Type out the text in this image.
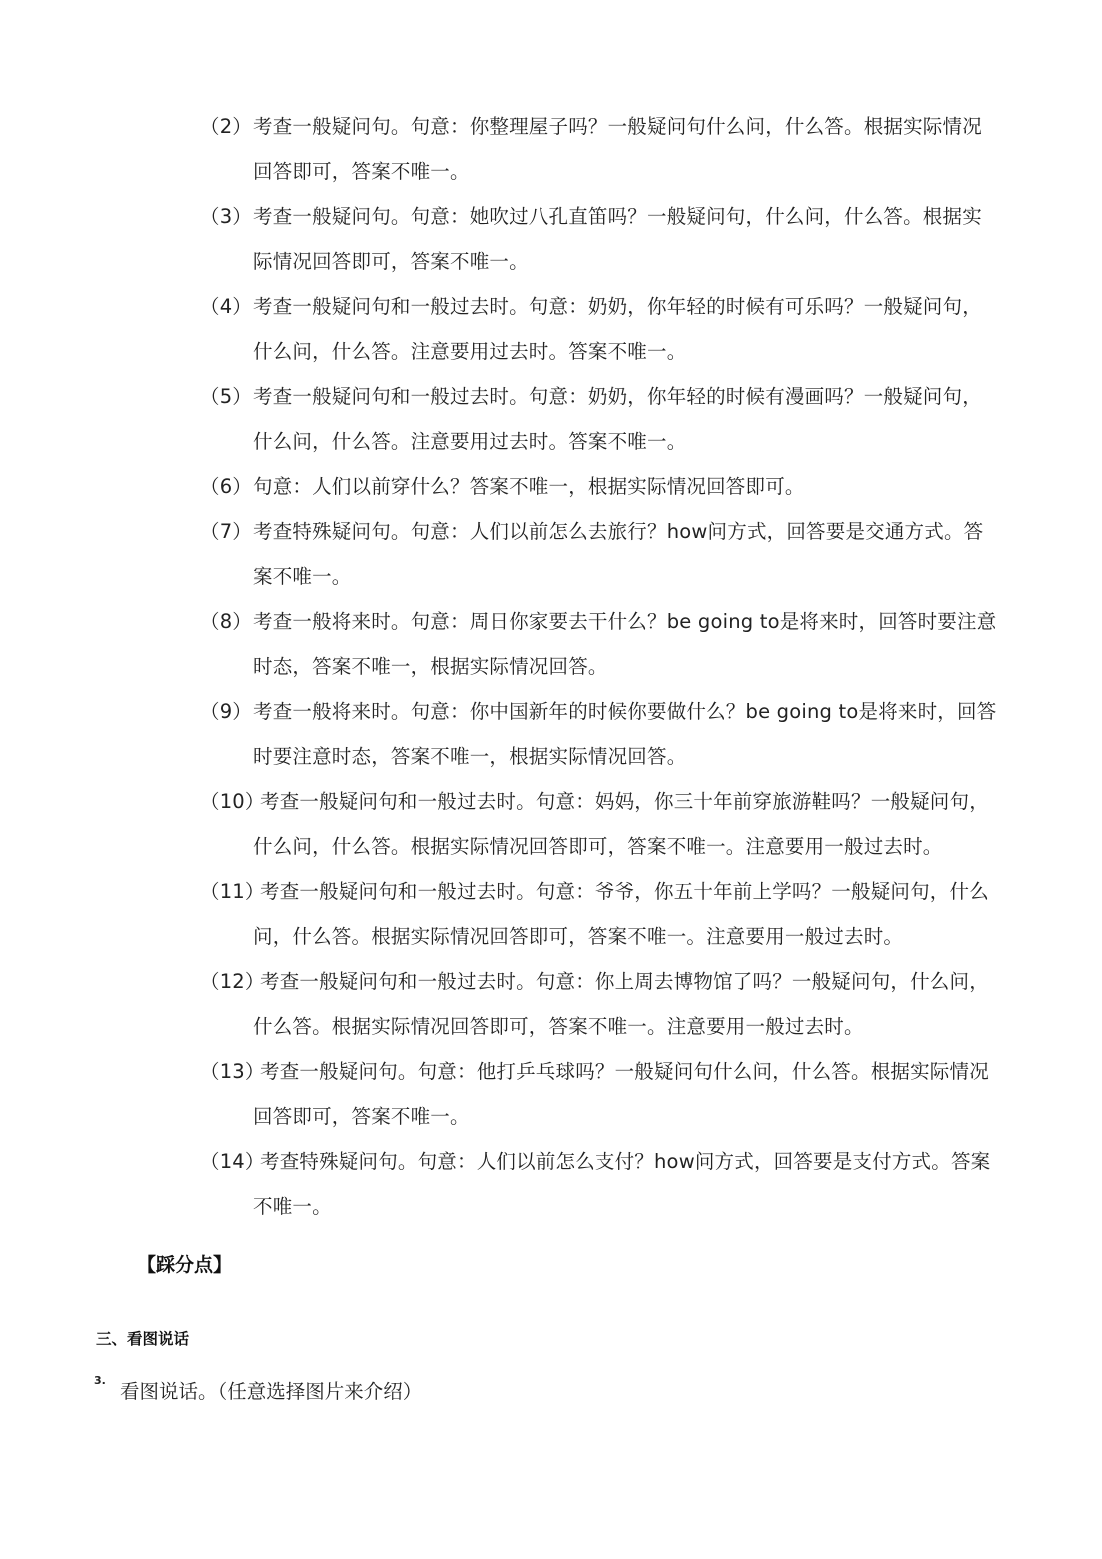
（2） 考查一般疑问句。句意：你整理屋子吗？一般疑问句什么问，什么答。根据实际情况回答即可，答案不唯一。
（3） 考查一般疑问句。句意：她吹过八孔直笛吗？一般疑问句，什么问，什么答。根据实际情况回答即可，答案不唯一。
（4） 考查一般疑问句和一般过去时。句意：奶奶，你年轻的时候有可乐吗？一般疑问句，什么问，什么答。注意要用过去时。答案不唯一。
（5） 考查一般疑问句和一般过去时。句意：奶奶，你年轻的时候有漫画吗？一般疑问句，什么问，什么答。注意要用过去时。答案不唯一。
（6） 句意：人们以前穿什么？答案不唯一，根据实际情况回答即可。
（7） 考查特殊疑问句。句意：人们以前怎么去旅行？how问方式，回答要是交通方式。答案不唯一。
（8） 考查一般将来时。句意：周日你家要去干什么？be going to是将来时，回答时要注意时态，答案不唯一，根据实际情况回答。
（9） 考查一般将来时。句意：你中国新年的时候你要做什么？be going to是将来时，回答时要注意时态，答案不唯一，根据实际情况回答。
（10）
考查一般疑问句和一般过去时。句意：妈妈，你三十年前穿旅游鞋吗？一般疑问句，什么问，什么答。根据实际情况回答即可，答案不唯一。注意要用一般过去时。
（11）
考查一般疑问句和一般过去时。句意：爷爷，你五十年前上学吗？一般疑问句，什么问，什么答。根据实际情况回答即可，答案不唯一。注意要用一般过去时。
（12）
考查一般疑问句和一般过去时。句意：你上周去博物馆了吗？一般疑问句，什么问，什么答。根据实际情况回答即可，答案不唯一。注意要用一般过去时。
（13）
考查一般疑问句。句意：他打乒乓球吗？一般疑问句什么问，什么答。根据实际情况回答即可，答案不唯一。
（14）
考查特殊疑问句。句意：人们以前怎么支付？how问方式，回答要是支付方式。答案不唯一。
【踩分点】
三、看图说话
3. 看图说话。（任意选择图片来介绍）
